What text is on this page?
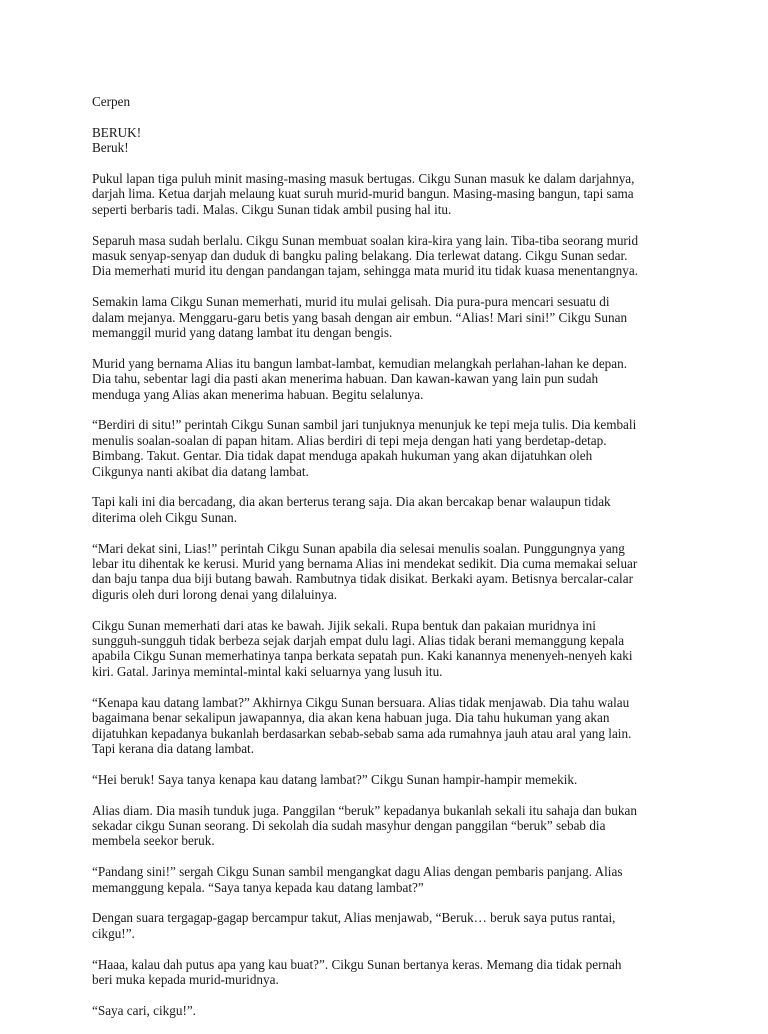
Cerpen
BERUK!
Beruk!
Pukul lapan tiga puluh minit masing-masing masuk bertugas. Cikgu Sunan masuk ke dalam darjahnya,
darjah lima. Ketua darjah melaung kuat suruh murid-murid bangun. Masing-masing bangun, tapi sama
seperti berbaris tadi. Malas. Cikgu Sunan tidak ambil pusing hal itu.
Separuh masa sudah berlalu. Cikgu Sunan membuat soalan kira-kira yang lain. Tiba-tiba seorang murid
masuk senyap-senyap dan duduk di bangku paling belakang. Dia terlewat datang. Cikgu Sunan sedar.
Dia memerhati murid itu dengan pandangan tajam, sehingga mata murid itu tidak kuasa menentangnya.
Semakin lama Cikgu Sunan memerhati, murid itu mulai gelisah. Dia pura-pura mencari sesuatu di
dalam mejanya. Menggaru-garu betis yang basah dengan air embun. “Alias! Mari sini!” Cikgu Sunan
memanggil murid yang datang lambat itu dengan bengis.
Murid yang bernama Alias itu bangun lambat-lambat, kemudian melangkah perlahan-lahan ke depan.
Dia tahu, sebentar lagi dia pasti akan menerima habuan. Dan kawan-kawan yang lain pun sudah
menduga yang Alias akan menerima habuan. Begitu selalunya.
“Berdiri di situ!” perintah Cikgu Sunan sambil jari tunjuknya menunjuk ke tepi meja tulis. Dia kembali
menulis soalan-soalan di papan hitam. Alias berdiri di tepi meja dengan hati yang berdetap-detap.
Bimbang. Takut. Gentar. Dia tidak dapat menduga apakah hukuman yang akan dijatuhkan oleh
Cikgunya nanti akibat dia datang lambat.
Tapi kali ini dia bercadang, dia akan berterus terang saja. Dia akan bercakap benar walaupun tidak
diterima oleh Cikgu Sunan.
“Mari dekat sini, Lias!” perintah Cikgu Sunan apabila dia selesai menulis soalan. Punggungnya yang
lebar itu dihentak ke kerusi. Murid yang bernama Alias ini mendekat sedikit. Dia cuma memakai seluar
dan baju tanpa dua biji butang bawah. Rambutnya tidak disikat. Berkaki ayam. Betisnya bercalar-calar
diguris oleh duri lorong denai yang dilaluinya.
Cikgu Sunan memerhati dari atas ke bawah. Jijik sekali. Rupa bentuk dan pakaian muridnya ini
sungguh-sungguh tidak berbeza sejak darjah empat dulu lagi. Alias tidak berani memanggung kepala
apabila Cikgu Sunan memerhatinya tanpa berkata sepatah pun. Kaki kanannya menenyeh-nenyeh kaki
kiri. Gatal. Jarinya memintal-mintal kaki seluarnya yang lusuh itu.
“Kenapa kau datang lambat?” Akhirnya Cikgu Sunan bersuara. Alias tidak menjawab. Dia tahu walau
bagaimana benar sekalipun jawapannya, dia akan kena habuan juga. Dia tahu hukuman yang akan
dijatuhkan kepadanya bukanlah berdasarkan sebab-sebab sama ada rumahnya jauh atau aral yang lain.
Tapi kerana dia datang lambat.
“Hei beruk! Saya tanya kenapa kau datang lambat?” Cikgu Sunan hampir-hampir memekik.
Alias diam. Dia masih tunduk juga. Panggilan “beruk” kepadanya bukanlah sekali itu sahaja dan bukan
sekadar cikgu Sunan seorang. Di sekolah dia sudah masyhur dengan panggilan “beruk” sebab dia
membela seekor beruk.
“Pandang sini!” sergah Cikgu Sunan sambil mengangkat dagu Alias dengan pembaris panjang. Alias
memanggung kepala. “Saya tanya kepada kau datang lambat?”
Dengan suara tergagap-gagap bercampur takut, Alias menjawab, “Beruk… beruk saya putus rantai,
cikgu!”.
“Haaa, kalau dah putus apa yang kau buat?”. Cikgu Sunan bertanya keras. Memang dia tidak pernah
beri muka kepada murid-muridnya.
“Saya cari, cikgu!”.
